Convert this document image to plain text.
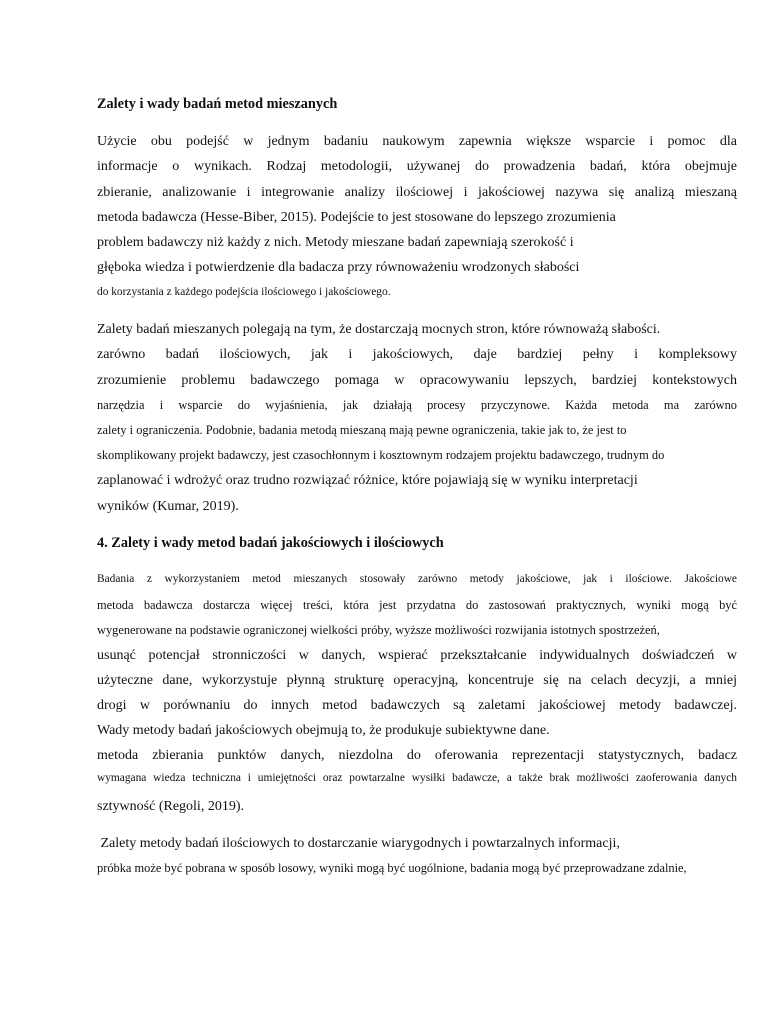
Zalety i wady badań metod mieszanych
Użycie obu podejść w jednym badaniu naukowym zapewnia większe wsparcie i pomoc dla
informacje o wynikach. Rodzaj metodologii, używanej do prowadzenia badań, która obejmuje
zbieranie, analizowanie i integrowanie analizy ilościowej i jakościowej nazywa się analizą mieszaną
metoda badawcza (Hesse-Biber, 2015). Podejście to jest stosowane do lepszego zrozumienia
problem badawczy niż każdy z nich. Metody mieszane badań zapewniają szerokość i
głęboka wiedza i potwierdzenie dla badacza przy równoważeniu wrodzonych słabości
do korzystania z każdego podejścia ilościowego i jakościowego.
Zalety badań mieszanych polegają na tym, że dostarczają mocnych stron, które równoważą słabości.
zarówno badań ilościowych, jak i jakościowych, daje bardziej pełny i kompleksowy
zrozumienie problemu badawczego pomaga w opracowywaniu lepszych, bardziej kontekstowych
narzędzia i wsparcie do wyjaśnienia, jak działają procesy przyczynowe. Każda metoda ma zarówno
zalety i ograniczenia. Podobnie, badania metodą mieszaną mają pewne ograniczenia, takie jak to, że jest to
skomplikowany projekt badawczy, jest czasochłonnym i kosztownym rodzajem projektu badawczego, trudnym do
zaplanować i wdrożyć oraz trudno rozwiązać różnice, które pojawiają się w wyniku interpretacji
wyników (Kumar, 2019).
4. Zalety i wady metod badań jakościowych i ilościowych
Badania z wykorzystaniem metod mieszanych stosowały zarówno metody jakościowe, jak i ilościowe. Jakościowe
metoda badawcza dostarcza więcej treści, która jest przydatna do zastosowań praktycznych, wyniki mogą być
wygenerowane na podstawie ograniczonej wielkości próby, wyższe możliwości rozwijania istotnych spostrzeżeń,
usunąć potencjał stronniczości w danych, wspierać przekształcanie indywidualnych doświadczeń w
użyteczne dane, wykorzystuje płynną strukturę operacyjną, koncentruje się na celach decyzji, a mniej
drogi w porównaniu do innych metod badawczych są zaletami jakościowej metody badawczej.
Wady metody badań jakościowych obejmują to, że produkuje subiektywne dane.
metoda zbierania punktów danych, niezdolna do oferowania reprezentacji statystycznych, badacz
wymagana wiedza techniczna i umiejętności oraz powtarzalne wysiłki badawcze, a także brak możliwości zaoferowania danych
sztywność (Regoli, 2019).
Zalety metody badań ilościowych to dostarczanie wiarygodnych i powtarzalnych informacji,
próbka może być pobrana w sposób losowy, wyniki mogą być uogólnione, badania mogą być przeprowadzane zdalnie,
